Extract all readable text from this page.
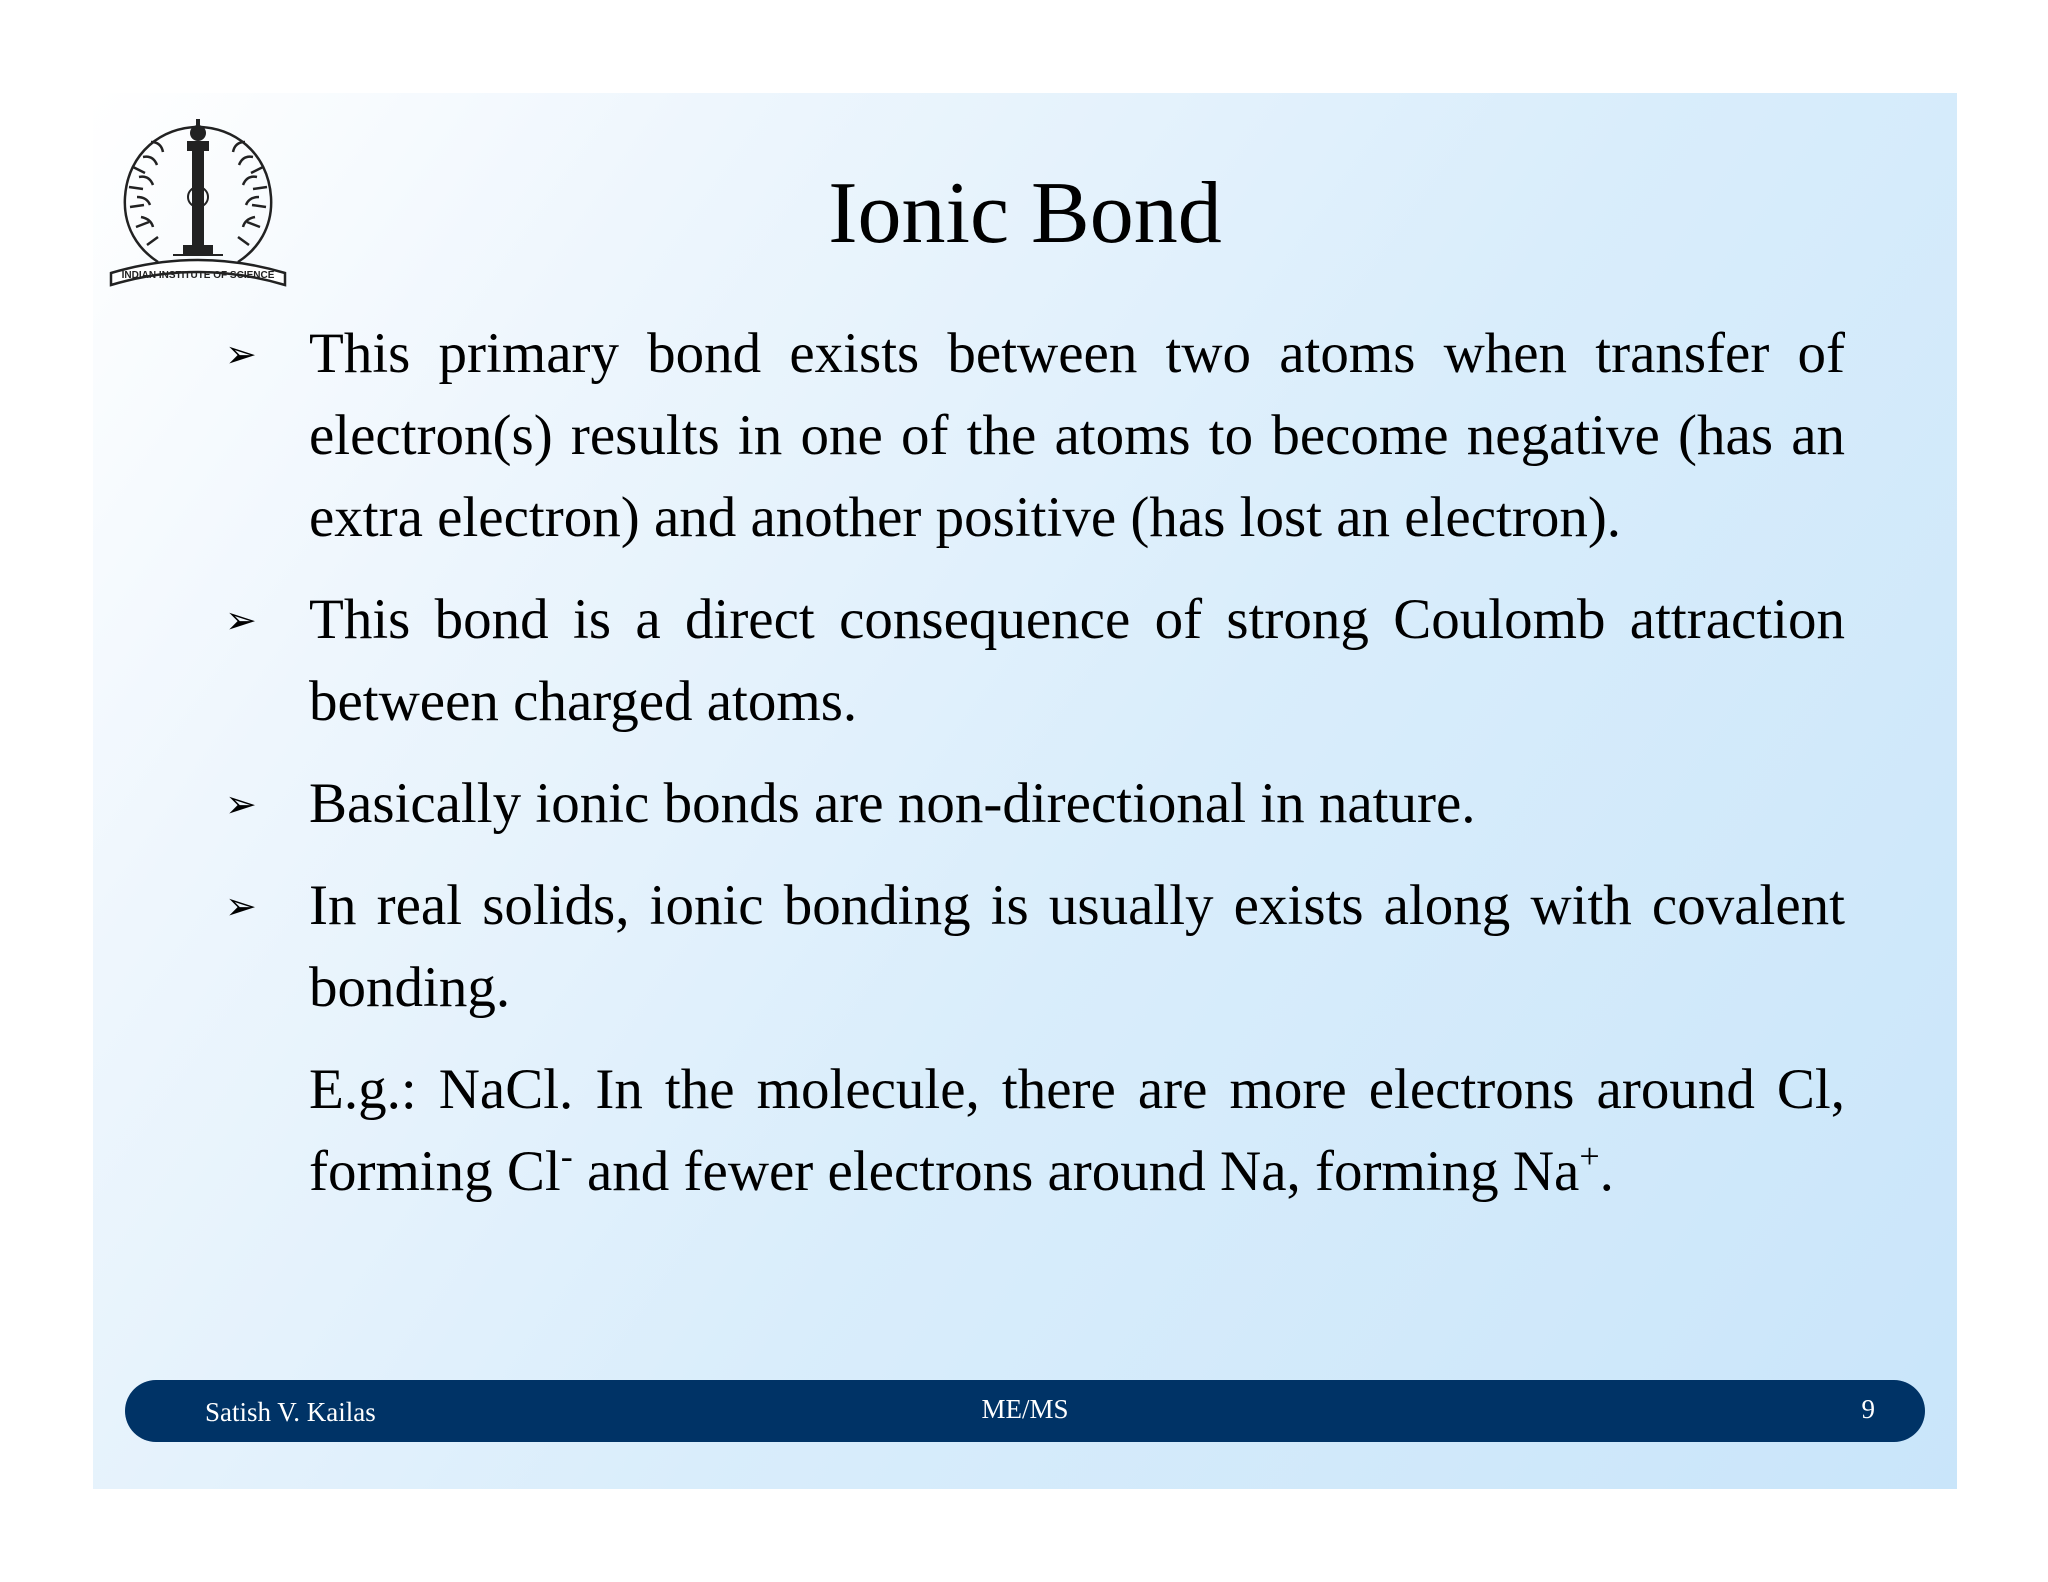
INDIAN INSTITUTE OF SCIENCE
Ionic Bond
➢ This primary bond exists between two atoms when transfer of electron(s) results in one of the atoms to become negative (has an extra electron) and another positive (has lost an electron).
➢ This bond is a direct consequence of strong Coulomb attraction between charged atoms.
➢ Basically ionic bonds are non-directional in nature.
➢ In real solids, ionic bonding is usually exists along with covalent bonding.
E.g.: NaCl. In the molecule, there are more electrons around Cl, forming Cl- and fewer electrons around Na, forming Na+.
Satish V. Kailas	ME/MS	9
